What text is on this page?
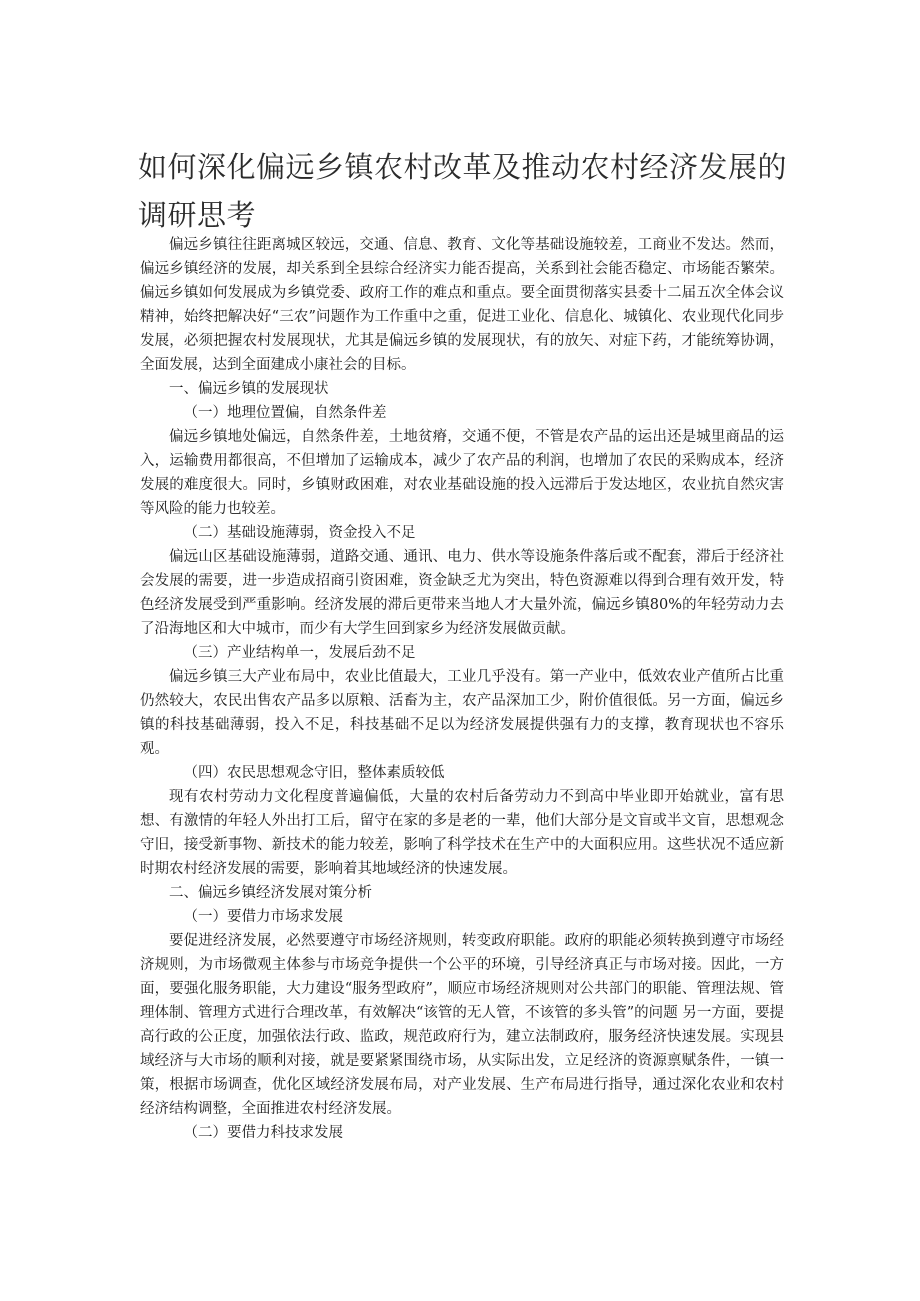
如何深化偏远乡镇农村改革及推动农村经济发展的
调研思考

偏远乡镇往往距离城区较远，交通、信息、教育、文化等基础设施较差，工商业不发达。然而，偏远乡镇经济的发展，却关系到全县综合经济实力能否提高，关系到社会能否稳定、市场能否繁荣。偏远乡镇如何发展成为乡镇党委、政府工作的难点和重点。要全面贯彻落实县委十二届五次全体会议精神，始终把解决好“三农”问题作为工作重中之重，促进工业化、信息化、城镇化、农业现代化同步发展，必须把握农村发展现状，尤其是偏远乡镇的发展现状，有的放矢、对症下药，才能统筹协调，全面发展，达到全面建成小康社会的目标。

一、偏远乡镇的发展现状

（一）地理位置偏，自然条件差

偏远乡镇地处偏远，自然条件差，土地贫瘠，交通不便，不管是农产品的运出还是城里商品的运入，运输费用都很高，不但增加了运输成本，减少了农产品的利润，也增加了农民的采购成本，经济发展的难度很大。同时，乡镇财政困难，对农业基础设施的投入远滞后于发达地区，农业抗自然灾害等风险的能力也较差。

（二）基础设施薄弱，资金投入不足

偏远山区基础设施薄弱，道路交通、通讯、电力、供水等设施条件落后或不配套，滞后于经济社会发展的需要，进一步造成招商引资困难，资金缺乏尤为突出，特色资源难以得到合理有效开发，特色经济发展受到严重影响。经济发展的滞后更带来当地人才大量外流，偏远乡镇80%的年轻劳动力去了沿海地区和大中城市，而少有大学生回到家乡为经济发展做贡献。

（三）产业结构单一，发展后劲不足

偏远乡镇三大产业布局中，农业比值最大，工业几乎没有。第一产业中，低效农业产值所占比重仍然较大，农民出售农产品多以原粮、活畜为主，农产品深加工少，附价值很低。另一方面，偏远乡镇的科技基础薄弱，投入不足，科技基础不足以为经济发展提供强有力的支撑，教育现状也不容乐观。

（四）农民思想观念守旧，整体素质较低

现有农村劳动力文化程度普遍偏低，大量的农村后备劳动力不到高中毕业即开始就业，富有思想、有激情的年轻人外出打工后，留守在家的多是老的一辈，他们大部分是文盲或半文盲，思想观念守旧，接受新事物、新技术的能力较差，影响了科学技术在生产中的大面积应用。这些状况不适应新时期农村经济发展的需要，影响着其地域经济的快速发展。

二、偏远乡镇经济发展对策分析

（一）要借力市场求发展

要促进经济发展，必然要遵守市场经济规则，转变政府职能。政府的职能必须转换到遵守市场经济规则，为市场微观主体参与市场竞争提供一个公平的环境，引导经济真正与市场对接。因此，一方面，要强化服务职能，大力建设“服务型政府”，顺应市场经济规则对公共部门的职能、管理法规、管理体制、管理方式进行合理改革，有效解决“该管的无人管，不该管的多头管”的问题 另一方面，要提高行政的公正度，加强依法行政、监政，规范政府行为，建立法制政府，服务经济快速发展。实现县域经济与大市场的顺利对接，就是要紧紧围绕市场，从实际出发，立足经济的资源禀赋条件，一镇一策，根据市场调查，优化区域经济发展布局，对产业发展、生产布局进行指导，通过深化农业和农村经济结构调整，全面推进农村经济发展。

（二）要借力科技求发展
